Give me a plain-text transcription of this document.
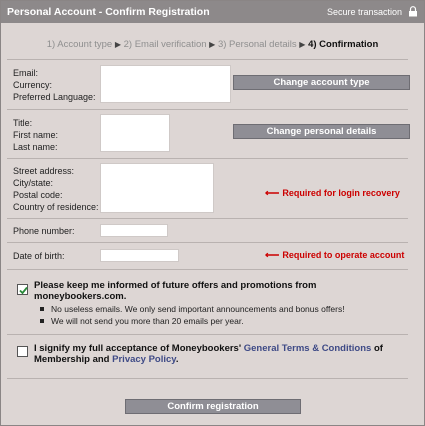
Personal Account - Confirm Registration	Secure transaction
1) Account type ▶ 2) Email verification ▶ 3) Personal details ▶ 4) Confirmation
Email:
Currency:
Preferred Language:
Change account type
Title:
First name:
Last name:
Change personal details
Street address:
City/state:
Postal code:
Country of residence:
⟵ Required for login recovery
Phone number:
Date of birth:	⟵ Required to operate account
Please keep me informed of future offers and promotions from
moneybookers.com.
No useless emails. We only send important announcements and bonus offers!
We will not send you more than 20 emails per year.
I signify my full acceptance of Moneybookers' General Terms & Conditions of
Membership and Privacy Policy.
Confirm registration
